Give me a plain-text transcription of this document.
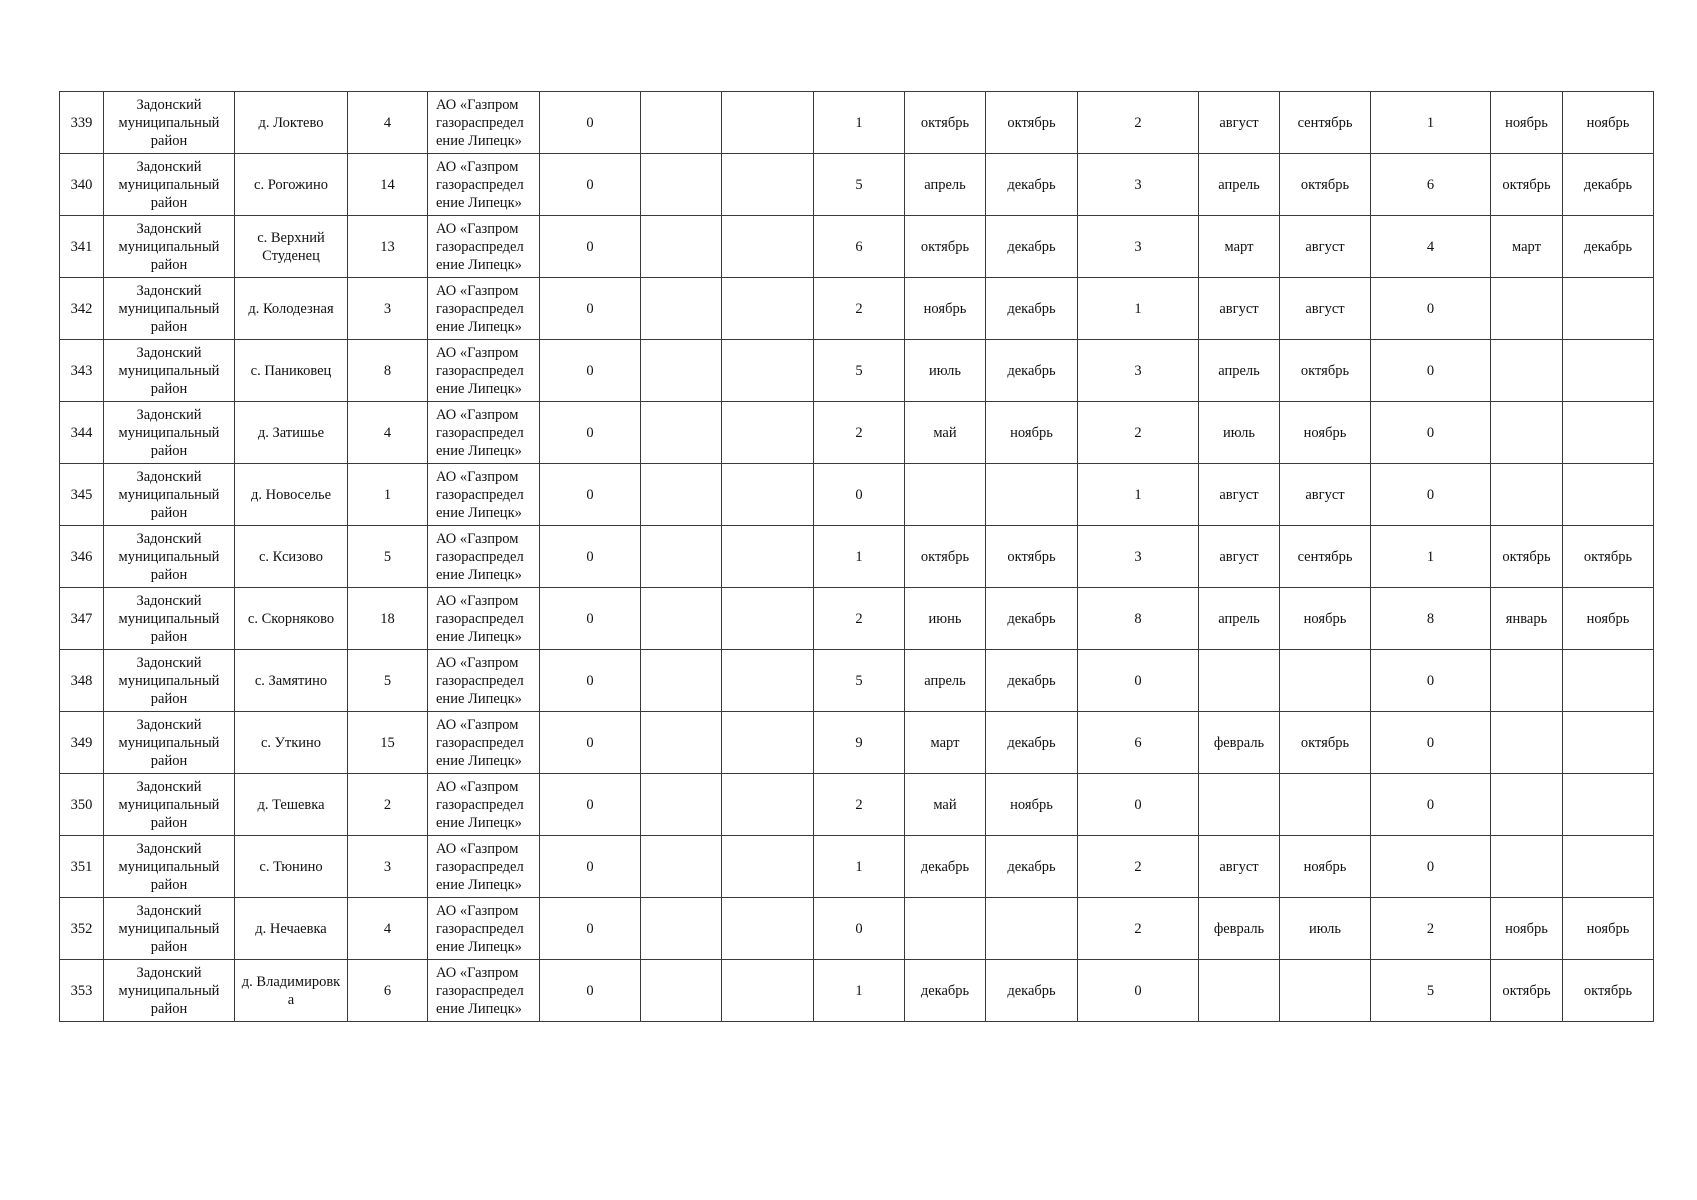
339	Задонский муниципальный район	д. Локтево	4	АО «Газпром газораспредел ение Липецк»	0			1	октябрь	октябрь	2	август	сентябрь	1	ноябрь	ноябрь
340	Задонский муниципальный район	с. Рогожино	14	АО «Газпром газораспредел ение Липецк»	0			5	апрель	декабрь	3	апрель	октябрь	6	октябрь	декабрь
341	Задонский муниципальный район	с. Верхний Студенец	13	АО «Газпром газораспредел ение Липецк»	0			6	октябрь	декабрь	3	март	август	4	март	декабрь
342	Задонский муниципальный район	д. Колодезная	3	АО «Газпром газораспредел ение Липецк»	0			2	ноябрь	декабрь	1	август	август	0		
343	Задонский муниципальный район	с. Паниковец	8	АО «Газпром газораспредел ение Липецк»	0			5	июль	декабрь	3	апрель	октябрь	0		
344	Задонский муниципальный район	д. Затишье	4	АО «Газпром газораспредел ение Липецк»	0			2	май	ноябрь	2	июль	ноябрь	0		
345	Задонский муниципальный район	д. Новоселье	1	АО «Газпром газораспредел ение Липецк»	0			0			1	август	август	0		
346	Задонский муниципальный район	с. Ксизово	5	АО «Газпром газораспредел ение Липецк»	0			1	октябрь	октябрь	3	август	сентябрь	1	октябрь	октябрь
347	Задонский муниципальный район	с. Скорняково	18	АО «Газпром газораспредел ение Липецк»	0			2	июнь	декабрь	8	апрель	ноябрь	8	январь	ноябрь
348	Задонский муниципальный район	с. Замятино	5	АО «Газпром газораспредел ение Липецк»	0			5	апрель	декабрь	0			0		
349	Задонский муниципальный район	с. Уткино	15	АО «Газпром газораспредел ение Липецк»	0			9	март	декабрь	6	февраль	октябрь	0		
350	Задонский муниципальный район	д. Тешевка	2	АО «Газпром газораспредел ение Липецк»	0			2	май	ноябрь	0			0		
351	Задонский муниципальный район	с. Тюнино	3	АО «Газпром газораспредел ение Липецк»	0			1	декабрь	декабрь	2	август	ноябрь	0		
352	Задонский муниципальный район	д. Нечаевка	4	АО «Газпром газораспредел ение Липецк»	0			0			2	февраль	июль	2	ноябрь	ноябрь
353	Задонский муниципальный район	д. Владимировк а	6	АО «Газпром газораспредел ение Липецк»	0			1	декабрь	декабрь	0			5	октябрь	октябрь
